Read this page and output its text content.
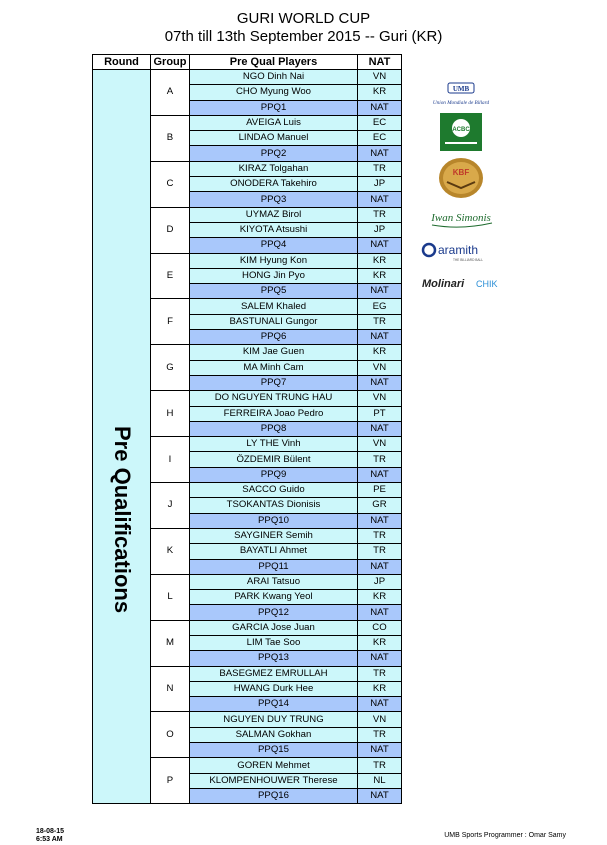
GURI WORLD CUP
07th till 13th September 2015 -- Guri (KR)
Round	Group	Pre Qual Players	NAT

Pre Qualifications	A	NGO Dinh Nai	VN
		CHO Myung Woo	KR
		PPQ1	NAT
	B	AVEIGA Luis	EC
		LINDAO Manuel	EC
		PPQ2	NAT
	C	KIRAZ Tolgahan	TR
		ONODERA Takehiro	JP
		PPQ3	NAT
	D	UYMAZ Birol	TR
		KIYOTA Atsushi	JP
		PPQ4	NAT
	E	KIM Hyung Kon	KR
		HONG Jin Pyo	KR
		PPQ5	NAT
	F	SALEM Khaled	EG
		BASTUNALI Gungor	TR
		PPQ6	NAT
	G	KIM Jae Guen	KR
		MA Minh Cam	VN
		PPQ7	NAT
	H	DO NGUYEN TRUNG HAU	VN
		FERREIRA Joao Pedro	PT
		PPQ8	NAT
	I	LY THE Vinh	VN
		ÖZDEMIR Bülent	TR
		PPQ9	NAT
	J	SACCO Guido	PE
		TSOKANTAS Dionisis	GR
		PPQ10	NAT
	K	SAYGINER Semih	TR
		BAYATLI Ahmet	TR
		PPQ11	NAT
	L	ARAI Tatsuo	JP
		PARK Kwang Yeol	KR
		PPQ12	NAT
	M	GARCIA Jose Juan	CO
		LIM Tae Soo	KR
		PPQ13	NAT
	N	BASEGMEZ EMRULLAH	TR
		HWANG Durk Hee	KR
		PPQ14	NAT
	O	NGUYEN DUY TRUNG	VN
		SALMAN Gokhan	TR
		PPQ15	NAT
	P	GOREN Mehmet	TR
		KLOMPENHOUWER Therese	NL
		PPQ16	NAT
UMB
Union Mondiale de Billard
ACBC
KBF
Iwan Simonis
aramith
THE BILLIARD BALL
Molinari CHIK
18-08-15
6:53 AM
UMB Sports Programmer : Omar Samy
